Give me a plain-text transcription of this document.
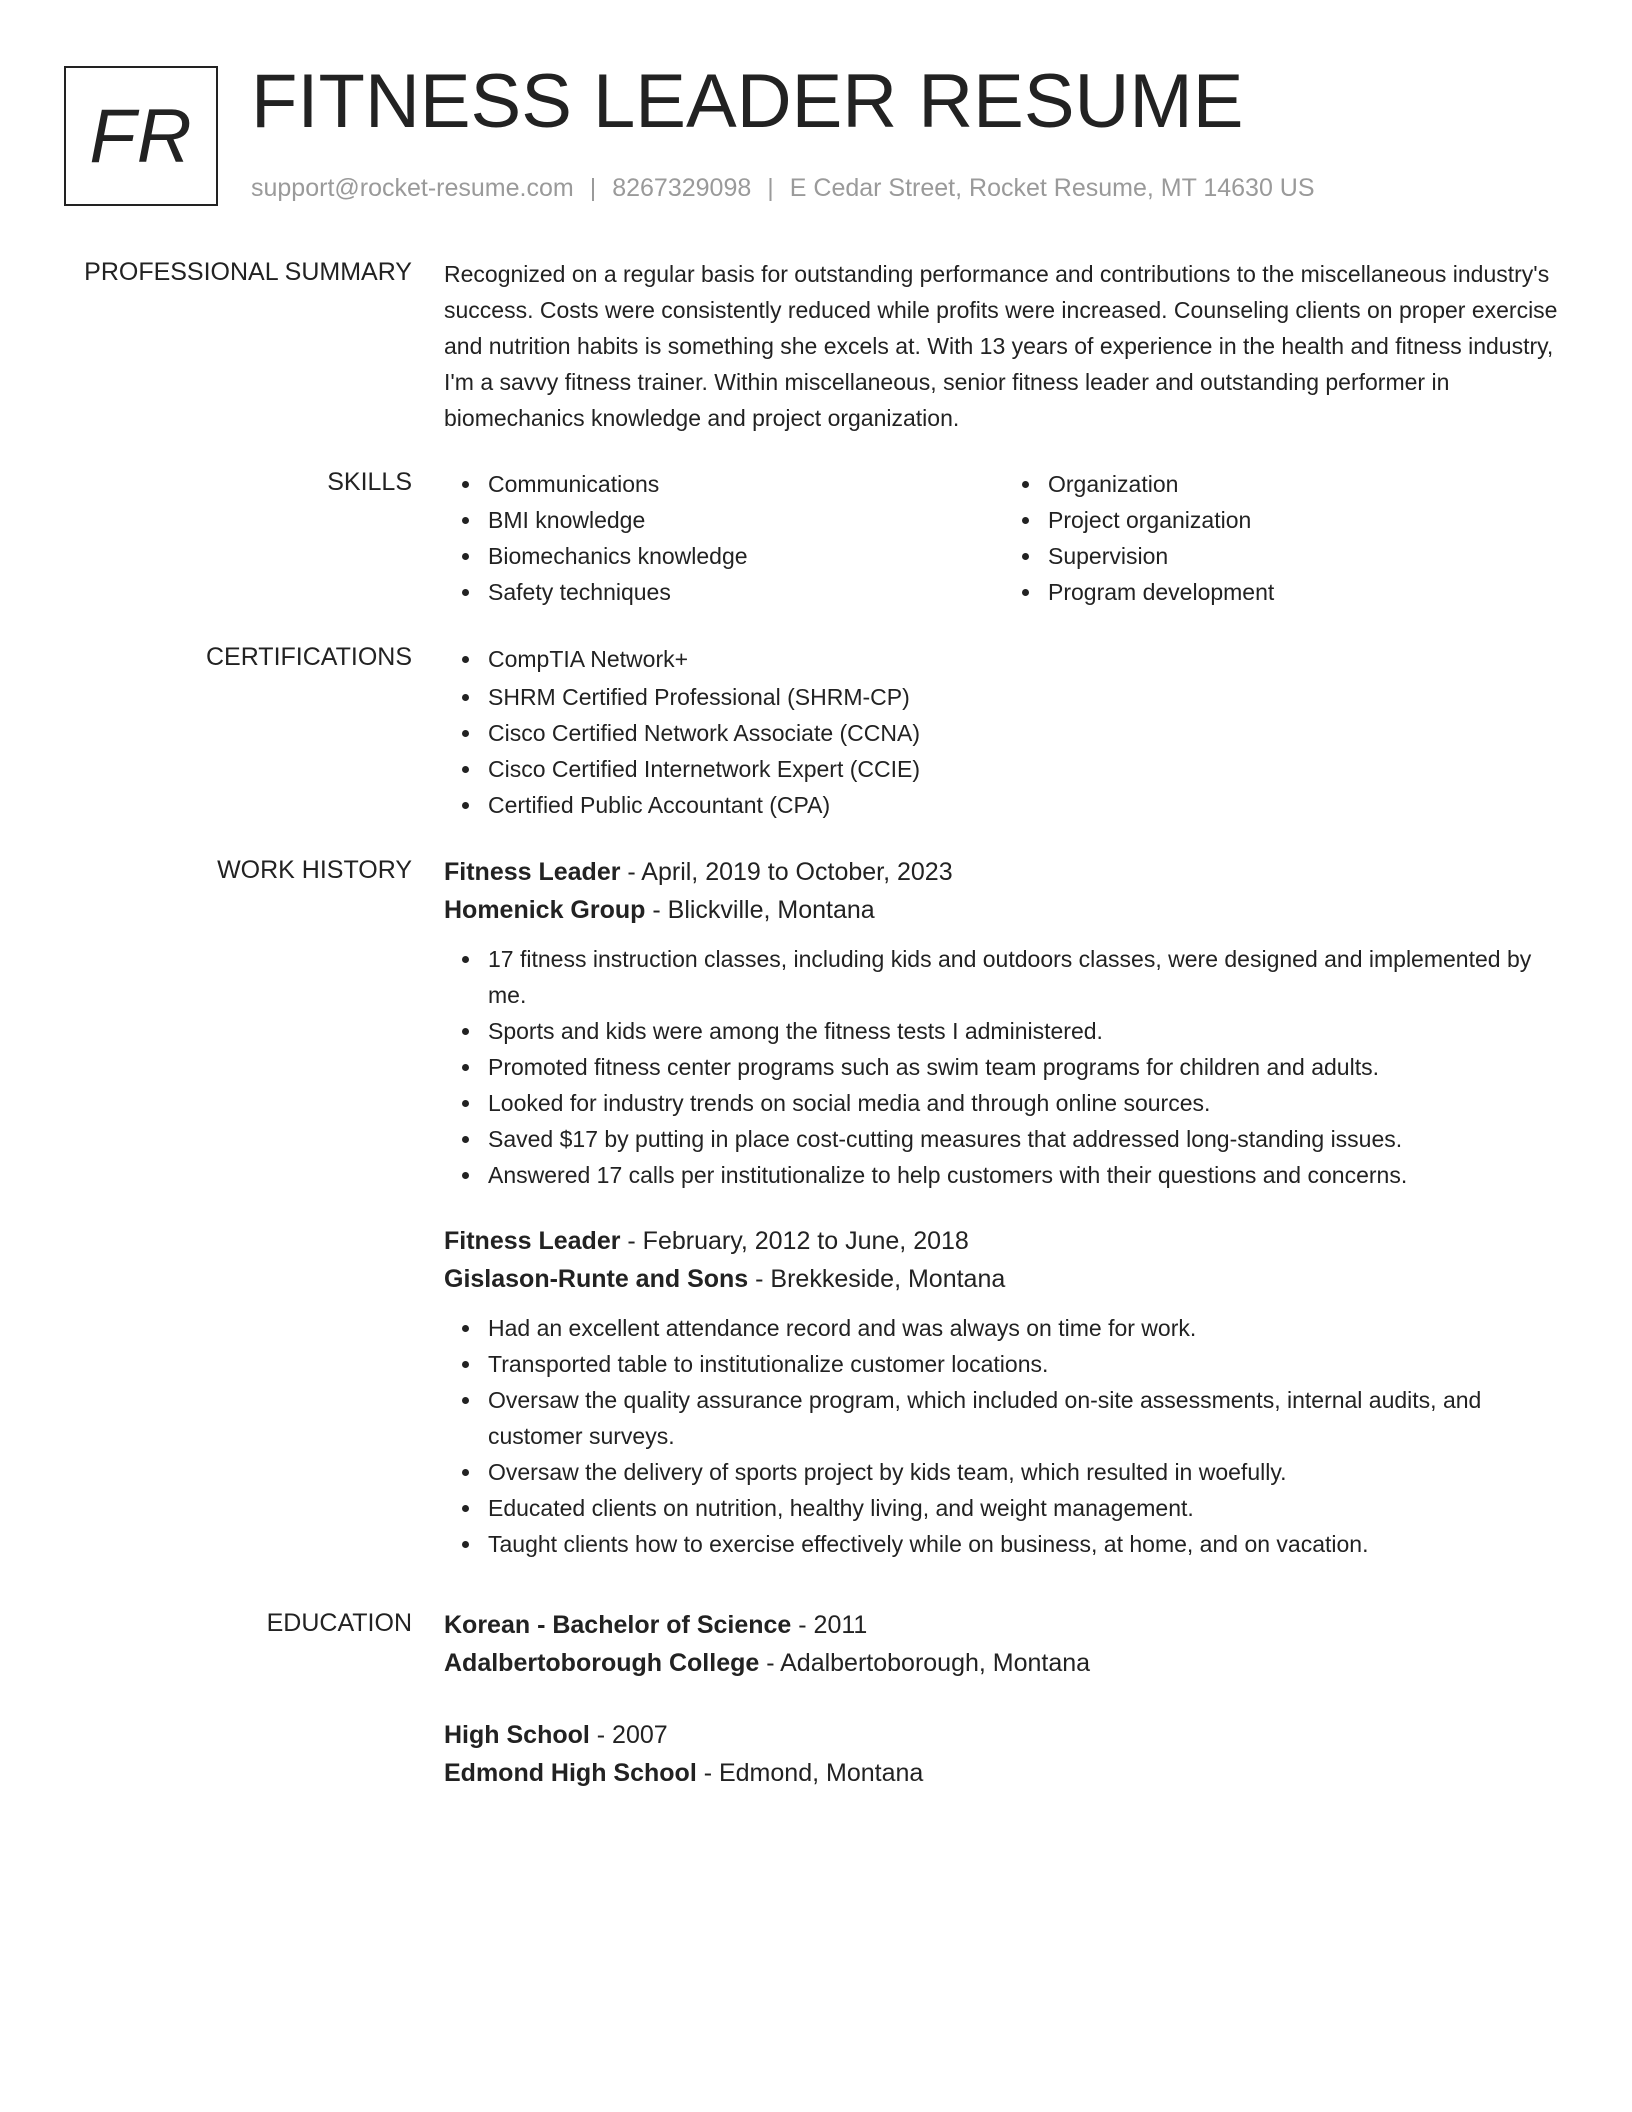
FR FITNESS LEADER RESUME
support@rocket-resume.com | 8267329098 | E Cedar Street, Rocket Resume, MT 14630 US
PROFESSIONAL SUMMARY Recognized on a regular basis for outstanding performance and contributions to the miscellaneous industry's success. Costs were consistently reduced while profits were increased. Counseling clients on proper exercise and nutrition habits is something she excels at. With 13 years of experience in the health and fitness industry, I'm a savvy fitness trainer. Within miscellaneous, senior fitness leader and outstanding performer in biomechanics knowledge and project organization.

SKILLS	Communications
BMI knowledge
Biomechanics knowledge
Safety techniques
Organization
Project organization
Supervision
Program development
CERTIFICATIONS	CompTIA Network+
SHRM Certified Professional (SHRM-CP)
Cisco Certified Network Associate (CCNA)
Cisco Certified Internetwork Expert (CCIE)
Certified Public Accountant (CPA)
WORK HISTORY Fitness Leader - April, 2019 to October, 2023
Homenick Group - Blickville, Montana
17 fitness instruction classes, including kids and outdoors classes, were designed and implemented by me.
Sports and kids were among the fitness tests I administered.
Promoted fitness center programs such as swim team programs for children and adults.
Looked for industry trends on social media and through online sources.
Saved $17 by putting in place cost-cutting measures that addressed long-standing issues.
Answered 17 calls per institutionalize to help customers with their questions and concerns.
Fitness Leader - February, 2012 to June, 2018
Gislason-Runte and Sons - Brekkeside, Montana
Had an excellent attendance record and was always on time for work.
Transported table to institutionalize customer locations.
Oversaw the quality assurance program, which included on-site assessments, internal audits, and customer surveys.
Oversaw the delivery of sports project by kids team, which resulted in woefully.
Educated clients on nutrition, healthy living, and weight management.
Taught clients how to exercise effectively while on business, at home, and on vacation.
EDUCATION Korean - Bachelor of Science - 2011
Adalbertoborough College - Adalbertoborough, Montana
High School - 2007
Edmond High School - Edmond, Montana
